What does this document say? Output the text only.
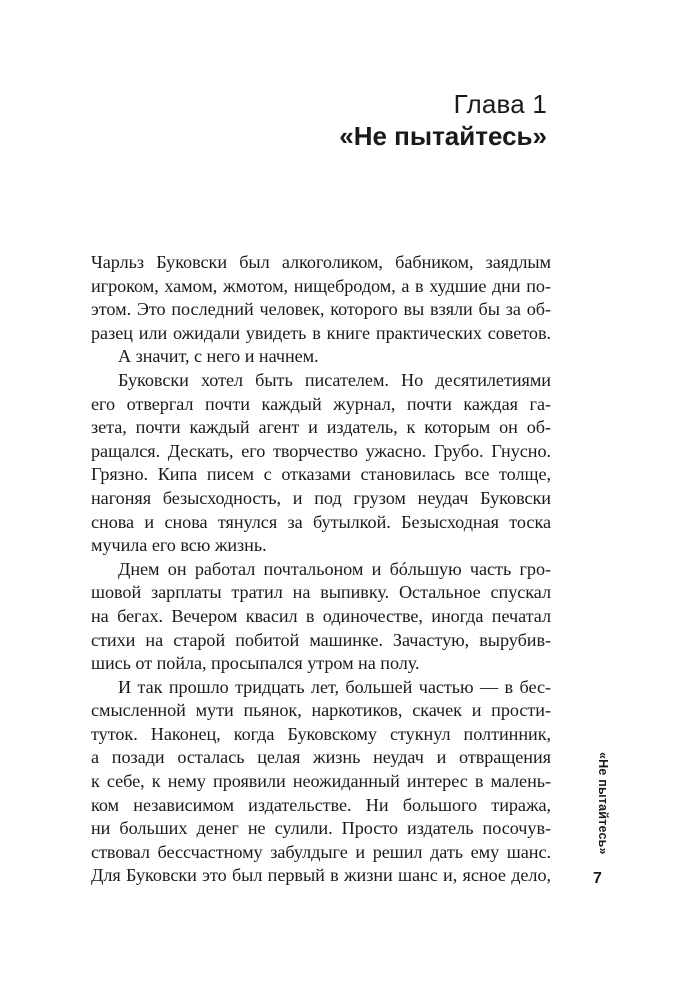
Глава 1
«Не пытайтесь»
Чарльз Буковски был алкоголиком, бабником, заядлым
игроком, хамом, жмотом, нищебродом, а в худшие дни по-
этом. Это последний человек, которого вы взяли бы за об-
разец или ожидали увидеть в книге практических советов.
А значит, с него и начнем.
Буковски хотел быть писателем. Но десятилетиями
его отвергал почти каждый журнал, почти каждая га-
зета, почти каждый агент и издатель, к которым он об-
ращался. Дескать, его творчество ужасно. Грубо. Гнусно.
Грязно. Кипа писем с отказами становилась все толще,
нагоняя безысходность, и под грузом неудач Буковски
снова и снова тянулся за бутылкой. Безысходная тоска
мучила его всю жизнь.
Днем он работал почтальоном и бóльшую часть гро-
шовой зарплаты тратил на выпивку. Остальное спускал
на бегах. Вечером квасил в одиночестве, иногда печатал
стихи на старой побитой машинке. Зачастую, вырубив-
шись от пойла, просыпался утром на полу.
И так прошло тридцать лет, большей частью — в бес-
смысленной мути пьянок, наркотиков, скачек и прости-
туток. Наконец, когда Буковскому стукнул полтинник,
а позади осталась целая жизнь неудач и отвращения
к себе, к нему проявили неожиданный интерес в малень-
ком независимом издательстве. Ни большого тиража,
ни больших денег не сулили. Просто издатель посочув-
ствовал бессчастному забулдыге и решил дать ему шанс.
Для Буковски это был первый в жизни шанс и, ясное дело,
«Не пытайтесь»
7
